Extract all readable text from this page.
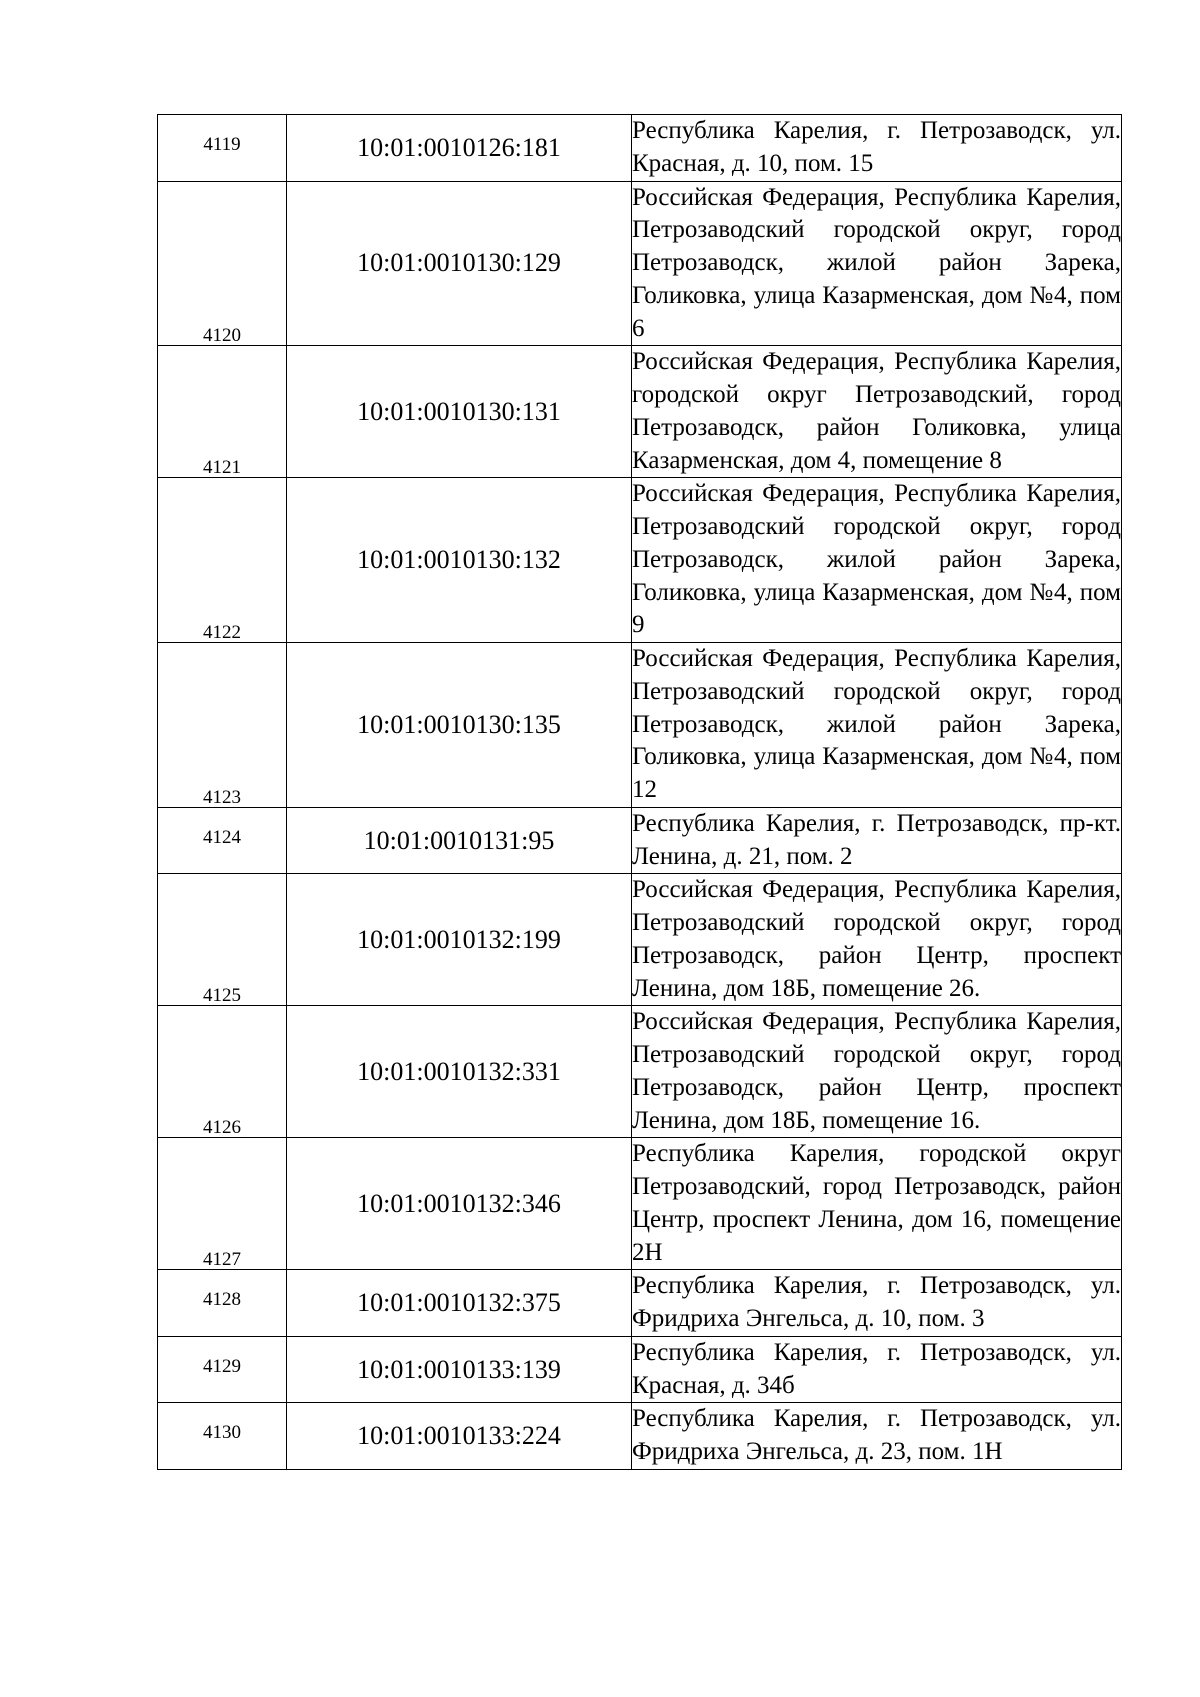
4119	10:01:0010126:181	Республика Карелия, г. Петрозаводск, ул. Красная, д. 10, пом. 15

4120	10:01:0010130:129	Российская Федерация, Республика Карелия, Петрозаводский городской округ, город Петрозаводск, жилой район Зарека, Голиковка, улица Казарменская, дом №4, пом 6

4121	10:01:0010130:131	Российская Федерация, Республика Карелия, городской округ Петрозаводский, город Петрозаводск, район Голиковка, улица Казарменская, дом 4, помещение 8

4122	10:01:0010130:132	Российская Федерация, Республика Карелия, Петрозаводский городской округ, город Петрозаводск, жилой район Зарека, Голиковка, улица Казарменская, дом №4, пом 9

4123	10:01:0010130:135	Российская Федерация, Республика Карелия, Петрозаводский городской округ, город Петрозаводск, жилой район Зарека, Голиковка, улица Казарменская, дом №4, пом 12

4124	10:01:0010131:95	Республика Карелия, г. Петрозаводск, пр-кт. Ленина, д. 21, пом. 2

4125	10:01:0010132:199	Российская Федерация, Республика Карелия, Петрозаводский городской округ, город Петрозаводск, район Центр, проспект Ленина, дом 18Б, помещение 26.

4126	10:01:0010132:331	Российская Федерация, Республика Карелия, Петрозаводский городской округ, город Петрозаводск, район Центр, проспект Ленина, дом 18Б, помещение 16.

4127	10:01:0010132:346	Республика Карелия, городской округ Петрозаводский, город Петрозаводск, район Центр, проспект Ленина, дом 16, помещение 2Н

4128	10:01:0010132:375	Республика Карелия, г. Петрозаводск, ул. Фридриха Энгельса, д. 10, пом. 3

4129	10:01:0010133:139	Республика Карелия, г. Петрозаводск, ул. Красная, д. 34б

4130	10:01:0010133:224	Республика Карелия, г. Петрозаводск, ул. Фридриха Энгельса, д. 23, пом. 1Н
